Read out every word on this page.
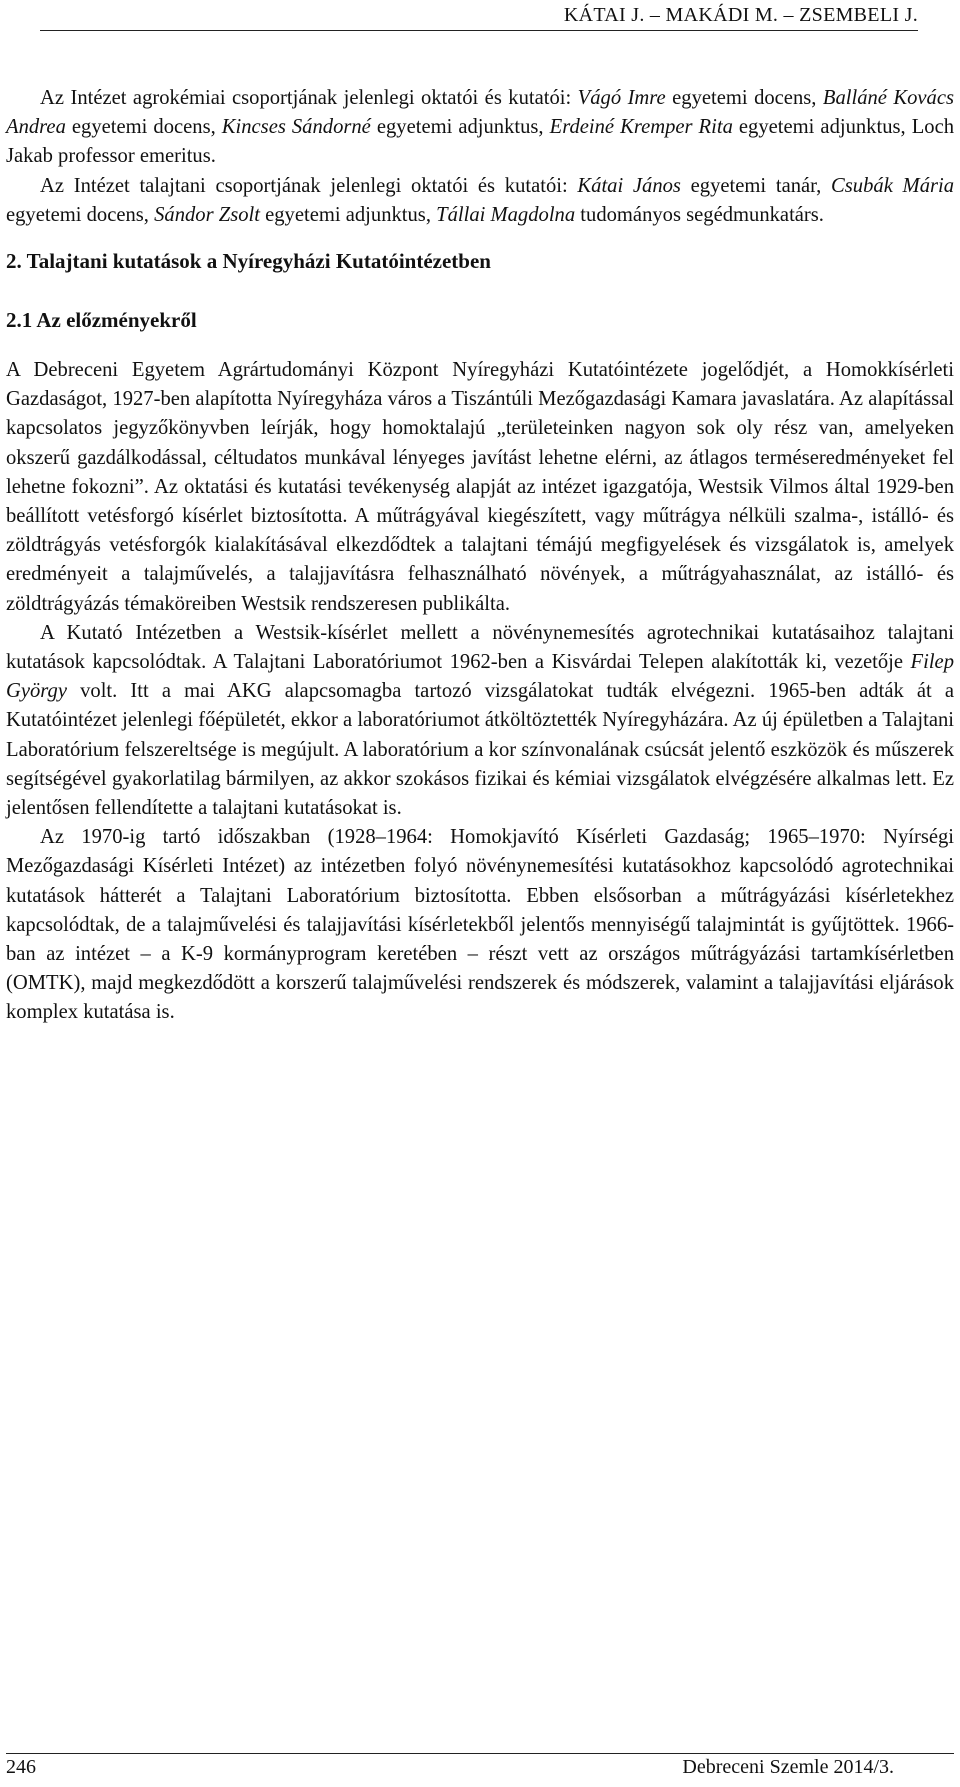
KÁTAI J. – MAKÁDI M. – ZSEMBELI J.

Az Intézet agrokémiai csoportjának jelenlegi oktatói és kutatói: Vágó Imre egyetemi docens, Balláné Kovács Andrea egyetemi docens, Kincses Sándorné egyetemi adjunktus, Erdeiné Kremper Rita egyetemi adjunktus, Loch Jakab professor emeritus.

Az Intézet talajtani csoportjának jelenlegi oktatói és kutatói: Kátai János egyetemi tanár, Csubák Mária egyetemi docens, Sándor Zsolt egyetemi adjunktus, Tállai Magdolna tudományos segédmunkatárs.

2. Talajtani kutatások a Nyíregyházi Kutatóintézetben
2.1 Az előzményekről

A Debreceni Egyetem Agrártudományi Központ Nyíregyházi Kutatóintézete jogelődjét, a Homokkísérleti Gazdaságot, 1927-ben alapította Nyíregyháza város a Tiszántúli Mezőgazdasági Kamara javaslatára. Az alapítással kapcsolatos jegyzőkönyvben leírják, hogy homoktalajú „területeinken nagyon sok oly rész van, amelyeken okszerű gazdálkodással, céltudatos munkával lényeges javítást lehetne elérni, az átlagos terméseredményeket fel lehetne fokozni”. Az oktatási és kutatási tevékenység alapját az intézet igazgatója, Westsik Vilmos által 1929-ben beállított vetésforgó kísérlet biztosította. A műtrágyával kiegészített, vagy műtrágya nélküli szalma-, istálló- és zöldtrágyás vetésforgók kialakításával elkezdődtek a talajtani témájú megfigyelések és vizsgálatok is, amelyek eredményeit a talajművelés, a talajjavításra felhasználható növények, a műtrágyahasználat, az istálló- és zöldtrágyázás témaköreiben Westsik rendszeresen publikálta.

A Kutató Intézetben a Westsik-kísérlet mellett a növénynemesítés agrotechnikai kutatásaihoz talajtani kutatások kapcsolódtak. A Talajtani Laboratóriumot 1962-ben a Kisvárdai Telepen alakították ki, vezetője Filep György volt. Itt a mai AKG alapcsomagba tartozó vizsgálatokat tudták elvégezni. 1965-ben adták át a Kutatóintézet jelenlegi főépületét, ekkor a laboratóriumot átköltöztették Nyíregyházára. Az új épületben a Talajtani Laboratórium felszereltsége is megújult. A laboratórium a kor színvonalának csúcsát jelentő eszközök és műszerek segítségével gyakorlatilag bármilyen, az akkor szokásos fizikai és kémiai vizsgálatok elvégzésére alkalmas lett. Ez jelentősen fellendítette a talajtani kutatásokat is.

Az 1970-ig tartó időszakban (1928–1964: Homokjavító Kísérleti Gazdaság; 1965–1970: Nyírségi Mezőgazdasági Kísérleti Intézet) az intézetben folyó növénynemesítési kutatásokhoz kapcsolódó agrotechnikai kutatások hátterét a Talajtani Laboratórium biztosította. Ebben elsősorban a műtrágyázási kísérletekhez kapcsolódtak, de a talajművelési és talajjavítási kísérletekből jelentős mennyiségű talajmintát is gyűjtöttek. 1966-ban az intézet – a K-9 kormányprogram keretében – részt vett az országos műtrágyázási tartamkísérletben (OMTK), majd megkezdődött a korszerű talajművelési rendszerek és módszerek, valamint a talajjavítási eljárások komplex kutatása is.

246	Debreceni Szemle 2014/3.
